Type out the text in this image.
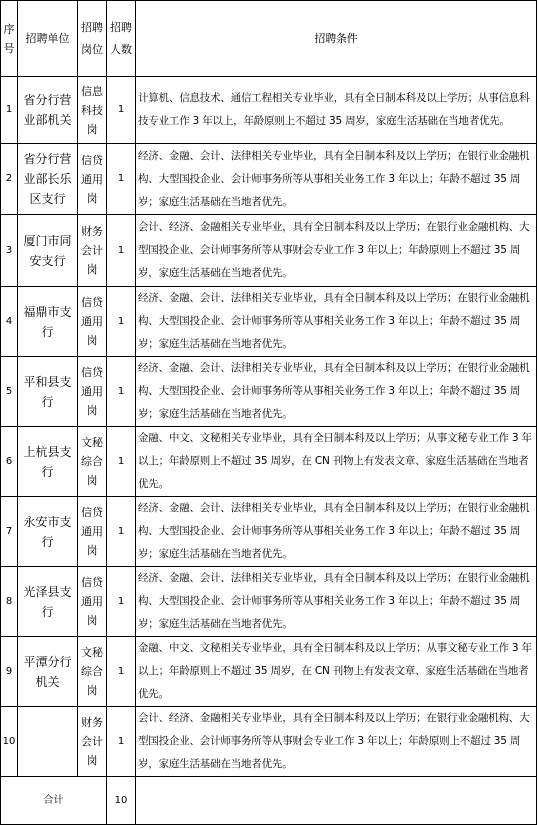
序号	招聘单位	招聘岗位	招聘人数	招聘条件
1	省分行营业部机关	信息科技岗	1	计算机、信息技术、通信工程相关专业毕业，具有全日制本科及以上学历；从事信息科技专业工作 3 年以上，年龄原则上不超过 35 周岁，家庭生活基础在当地者优先。
2	省分行营业部长乐区支行	信贷通用岗	1	经济、金融、会计、法律相关专业毕业，具有全日制本科及以上学历；在银行业金融机构、大型国投企业、会计师事务所等从事相关业务工作 3 年以上；年龄不超过 35 周岁；家庭生活基础在当地者优先。
3	厦门市同安支行	财务会计岗	1	会计、经济、金融相关专业毕业，具有全日制本科及以上学历；在银行业金融机构、大型国投企业、会计师事务所等从事财会专业工作 3 年以上；年龄原则上不超过 35 周岁，家庭生活基础在当地者优先。
4	福鼎市支行	信贷通用岗	1	经济、金融、会计、法律相关专业毕业，具有全日制本科及以上学历；在银行业金融机构、大型国投企业、会计师事务所等从事相关业务工作 3 年以上；年龄不超过 35 周岁；家庭生活基础在当地者优先。
5	平和县支行	信贷通用岗	1	经济、金融、会计、法律相关专业毕业，具有全日制本科及以上学历；在银行业金融机构、大型国投企业、会计师事务所等从事相关业务工作 3 年以上；年龄不超过 35 周岁；家庭生活基础在当地者优先。
6	上杭县支行	文秘综合岗	1	金融、中文、文秘相关专业毕业，具有全日制本科及以上学历；从事文秘专业工作 3 年以上；年龄原则上不超过 35 周岁，在 CN 刊物上有发表文章、家庭生活基础在当地者优先。
7	永安市支行	信贷通用岗	1	经济、金融、会计、法律相关专业毕业，具有全日制本科及以上学历；在银行业金融机构、大型国投企业、会计师事务所等从事相关业务工作 3 年以上；年龄不超过 35 周岁；家庭生活基础在当地者优先。
8	光泽县支行	信贷通用岗	1	经济、金融、会计、法律相关专业毕业，具有全日制本科及以上学历；在银行业金融机构、大型国投企业、会计师事务所等从事相关业务工作 3 年以上；年龄不超过 35 周岁；家庭生活基础在当地者优先。
9	平潭分行机关	文秘综合岗	1	金融、中文、文秘相关专业毕业，具有全日制本科及以上学历；从事文秘专业工作 3 年以上；年龄原则上不超过 35 周岁，在 CN 刊物上有发表文章、家庭生活基础在当地者优先。
10		财务会计岗	1	会计、经济、金融相关专业毕业，具有全日制本科及以上学历；在银行业金融机构、大型国投企业、会计师事务所等从事财会专业工作 3 年以上；年龄原则上不超过 35 周岁，家庭生活基础在当地者优先。
合计			10	
